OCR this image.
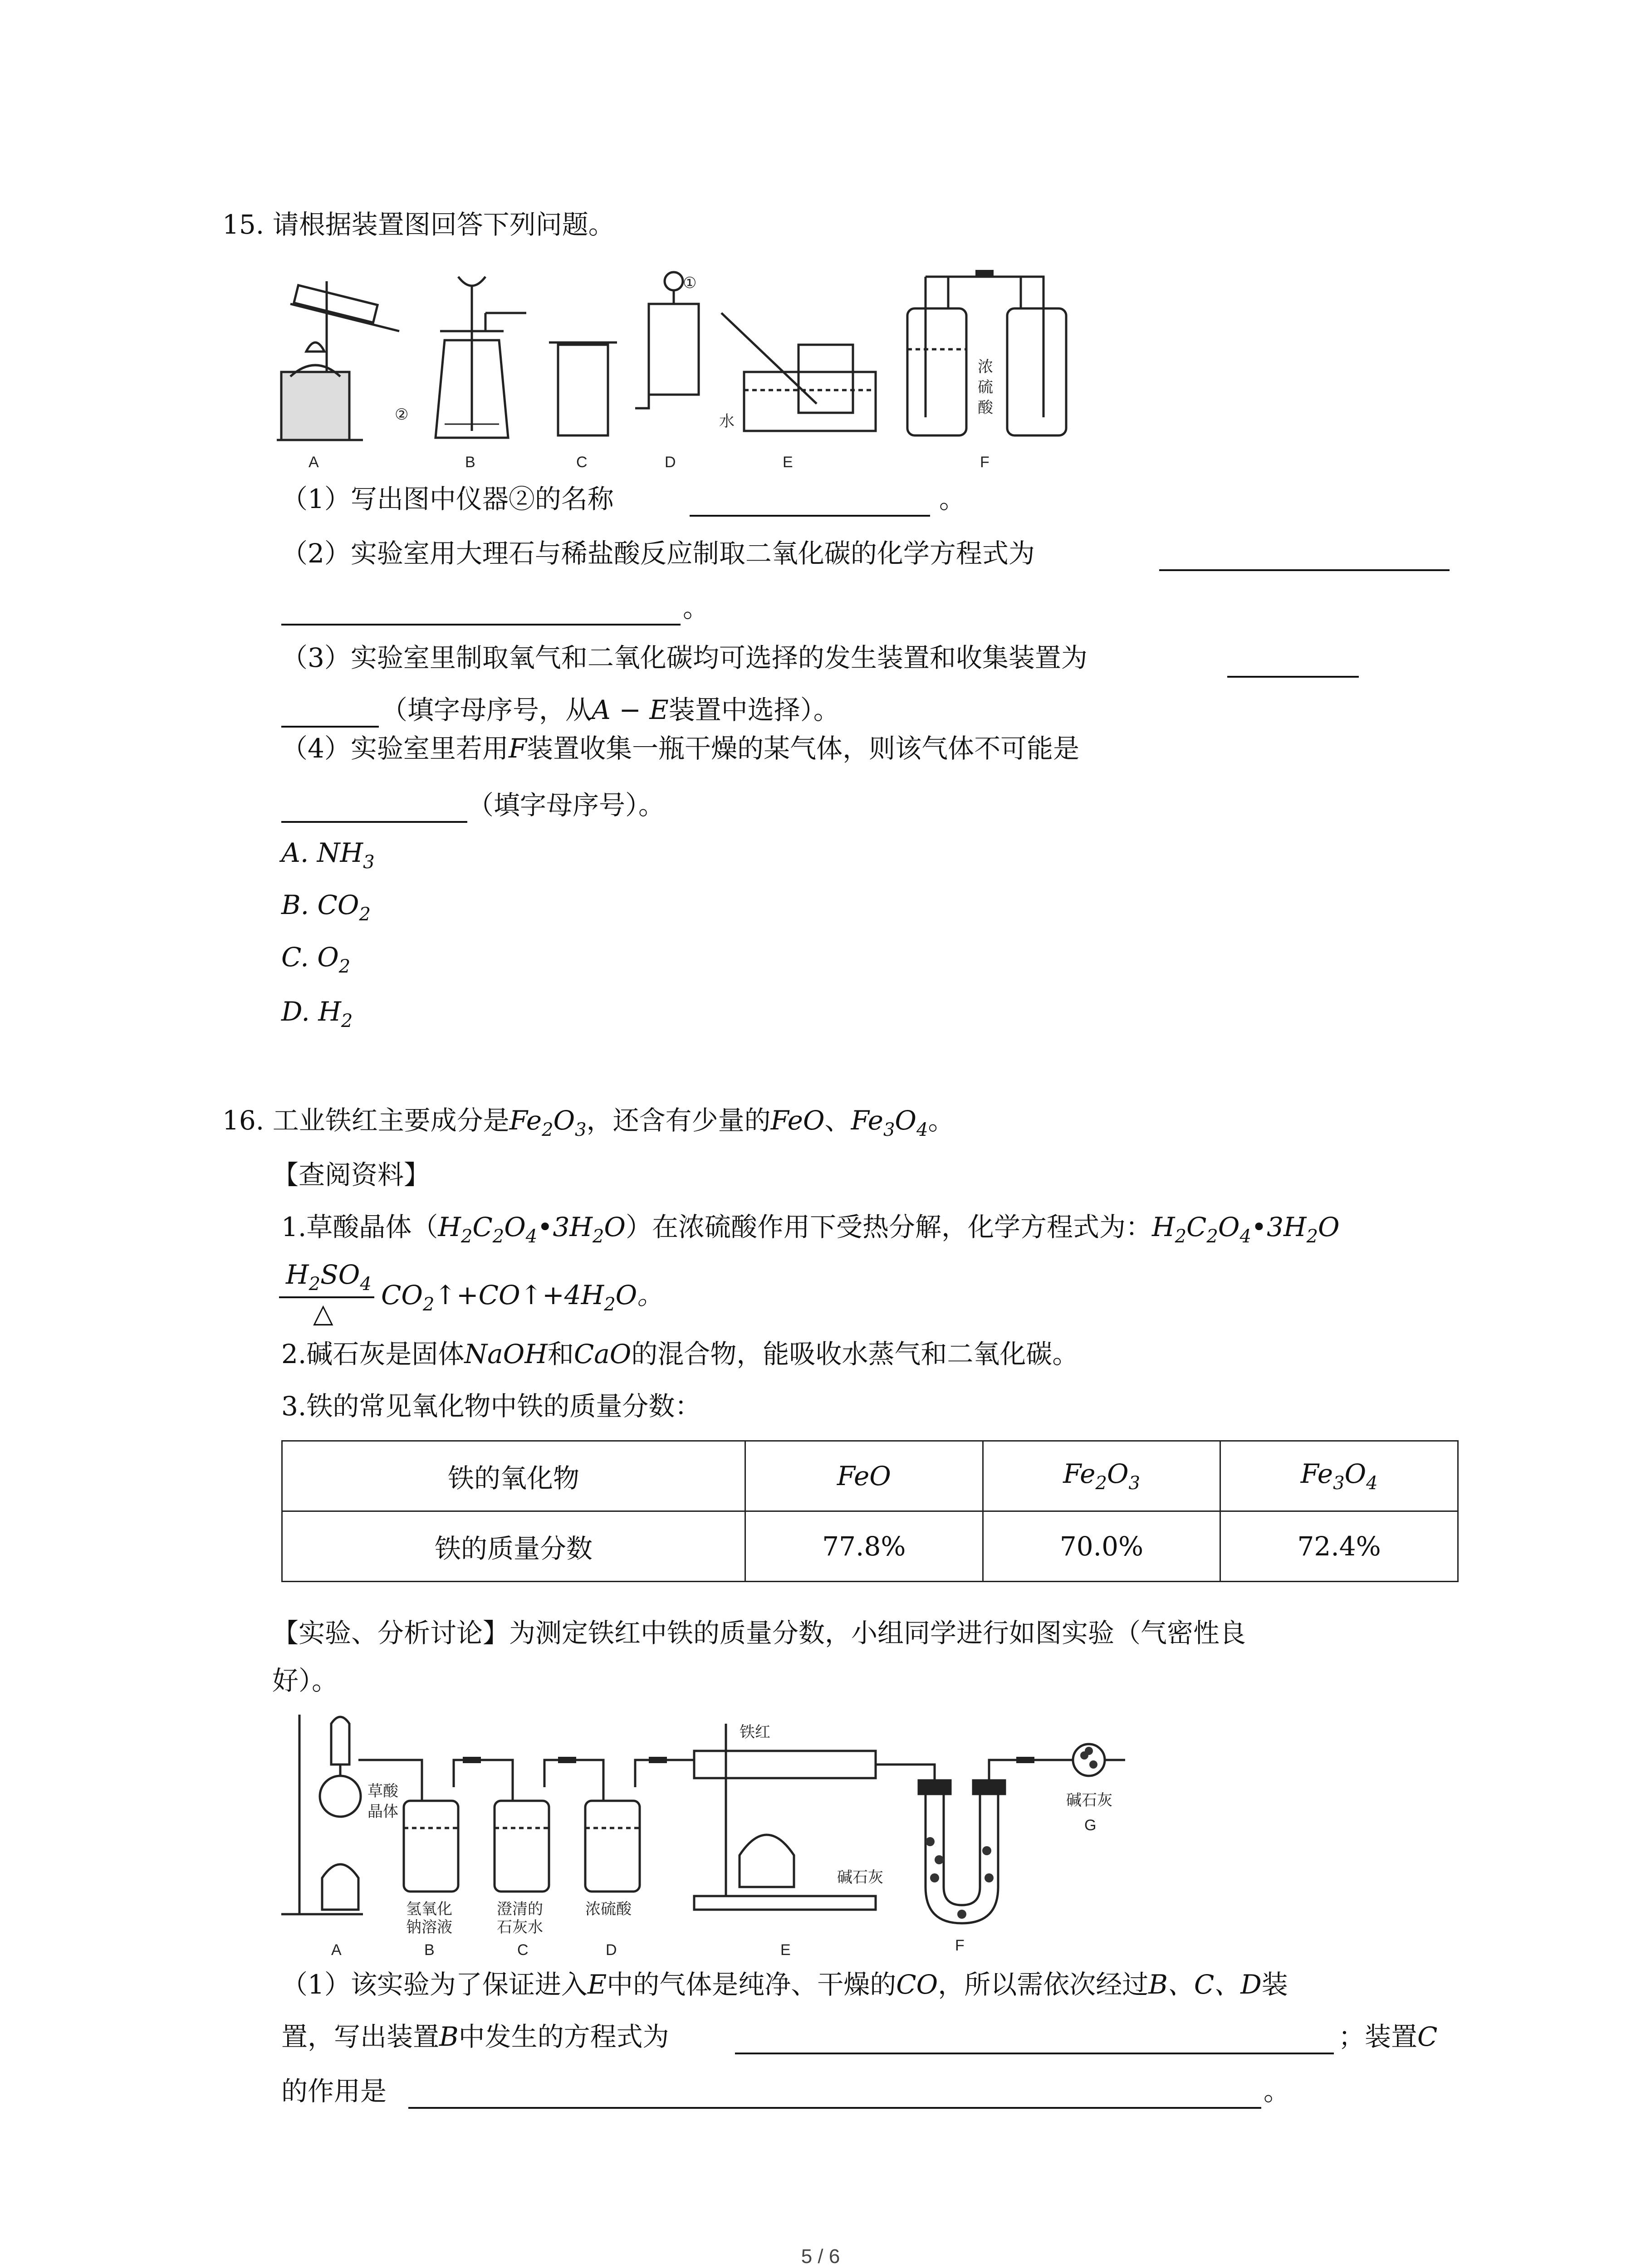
15. 请根据装置图回答下列问题。
A	B	C	D	E	F
①
②	水
浓
硫
酸
（1）写出图中仪器②的名称	。
（2）实验室用大理石与稀盐酸反应制取二氧化碳的化学方程式为
。
（3）实验室里制取氧气和二氧化碳均可选择的发生装置和收集装置为
（填字母序号，从A − E装置中选择）。
（4）实验室里若用F装置收集一瓶干燥的某气体，则该气体不可能是
（填字母序号）。
A. $NH_3$
B. $CO_2$
C. $O_2$
D. $H_2$
16. 工业铁红主要成分是$Fe_2O_3$，还含有少量的FeO、$Fe_3O_4$。
【查阅资料】
1.草酸晶体$(H_2C_2O_4•3H_2O)$在浓硫酸作用下受热分解，化学方程式为：$H_2C_2O_4•3H_2O$
$H_2SO_4$
△
$CO_2↑+CO↑+4H_2O$。
2.碱石灰是固体NaOH和CaO的混合物，能吸收水蒸气和二氧化碳。
3.铁的常见氧化物中铁的质量分数：
铁的氧化物	FeO	$Fe_2O_3$	$Fe_3O_4$
铁的质量分数	77.8%	70.0%	72.4%
【实验、分析讨论】为测定铁红中铁的质量分数，小组同学进行如图实验（气密性良
好）。
草酸
晶体
氢氧化
钠溶液
澄清的
石灰水
浓硫酸
铁红
碱石灰
碱石灰
A	B	C	D	E	F
G
（1）该实验为了保证进入E中的气体是纯净、干燥的CO，所以需依次经过B、C、D装
置，写出装置B中发生的方程式为	；装置C
的作用是	。
5 / 6
